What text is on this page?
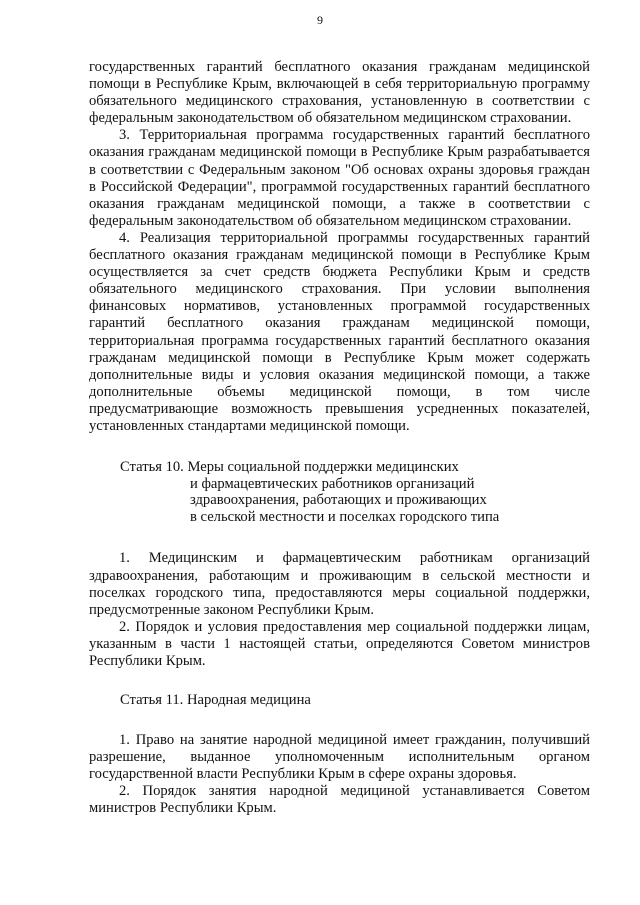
9

государственных гарантий бесплатного оказания гражданам медицинской помощи в Республике Крым, включающей в себя территориальную программу обязательного медицинского страхования, установленную в соответствии с федеральным законодательством об обязательном медицинском страховании.

3. Территориальная программа государственных гарантий бесплатного оказания гражданам медицинской помощи в Республике Крым разрабатывается в соответствии с Федеральным законом "Об основах охраны здоровья граждан в Российской Федерации", программой государственных гарантий бесплатного оказания гражданам медицинской помощи, а также в соответствии с федеральным законодательством об обязательном медицинском страховании.

4. Реализация территориальной программы государственных гарантий бесплатного оказания гражданам медицинской помощи в Республике Крым осуществляется за счет средств бюджета Республики Крым и средств обязательного медицинского страхования. При условии выполнения финансовых нормативов, установленных программой государственных гарантий бесплатного оказания гражданам медицинской помощи, территориальная программа государственных гарантий бесплатного оказания гражданам медицинской помощи в Республике Крым может содержать дополнительные виды и условия оказания медицинской помощи, а также дополнительные объемы медицинской помощи, в том числе предусматривающие возможность превышения усредненных показателей, установленных стандартами медицинской помощи.

Статья 10. Меры социальной поддержки медицинских
и фармацевтических работников организаций
здравоохранения, работающих и проживающих
в сельской местности и поселках городского типа

1. Медицинским и фармацевтическим работникам организаций здравоохранения, работающим и проживающим в сельской местности и поселках городского типа, предоставляются меры социальной поддержки, предусмотренные законом Республики Крым.

2. Порядок и условия предоставления мер социальной поддержки лицам, указанным в части 1 настоящей статьи, определяются Советом министров Республики Крым.

Статья 11. Народная медицина

1. Право на занятие народной медициной имеет гражданин, получивший разрешение, выданное уполномоченным исполнительным органом государственной власти Республики Крым в сфере охраны здоровья.

2. Порядок занятия народной медициной устанавливается Советом министров Республики Крым.
